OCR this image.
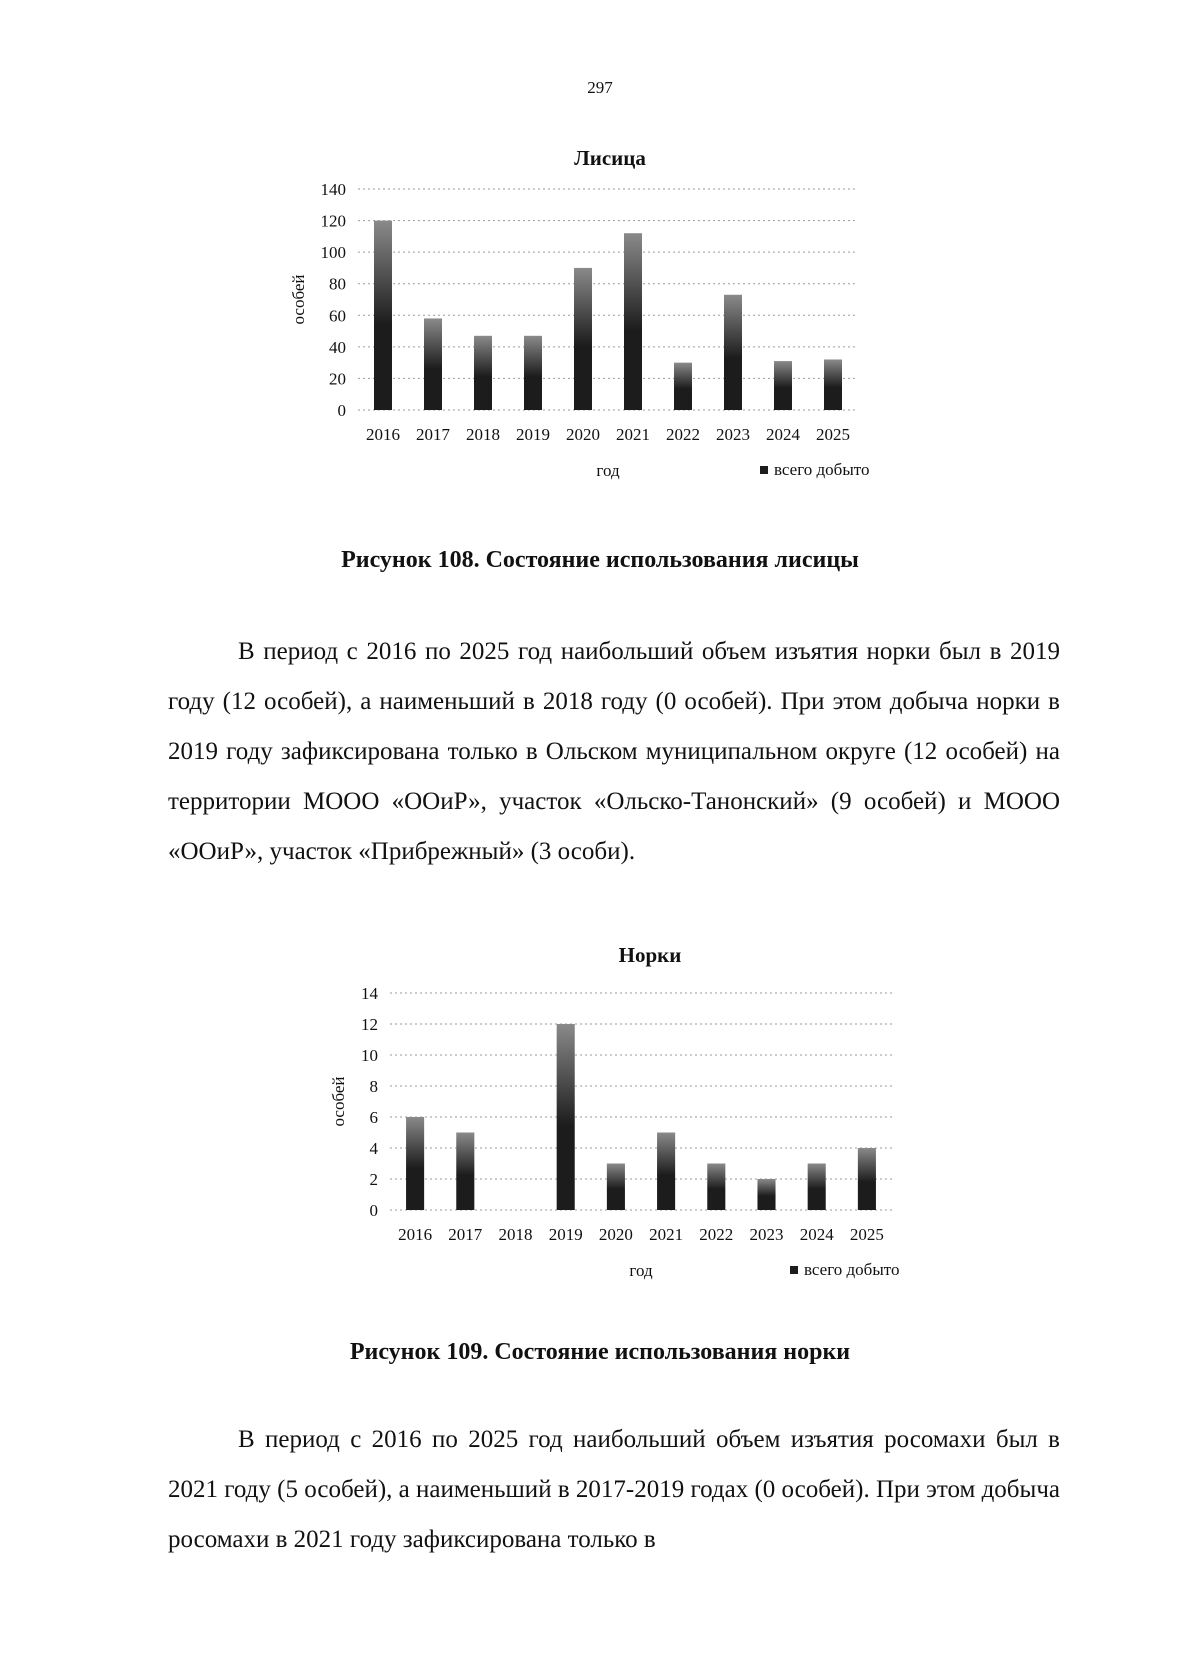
297
Лисица
0
20
40
60
80
100
120
140
2016 2017 2018 2019 2020 2021 2022 2023 2024 2025
особей
год	всего добыто
Рисунок 108. Состояние использования лисицы

В период с 2016 по 2025 год наибольший объем изъятия норки был в 2019 году (12 особей), а наименьший в 2018 году (0 особей). При этом добыча норки в 2019 году зафиксирована только в Ольском муниципальном округе (12 особей) на территории МООО «ООиР», участок «Ольско-Танонский» (9 особей) и МООО «ООиР», участок «Прибрежный» (3 особи).

Норки
0
2
4
6
8
10
12
14
2016 2017 2018 2019 2020 2021 2022 2023 2024 2025
особей
год	всего добыто
Рисунок 109. Состояние использования норки

В период с 2016 по 2025 год наибольший объем изъятия росомахи был в 2021 году (5 особей), а наименьший в 2017-2019 годах (0 особей). При этом добыча росомахи в 2021 году зафиксирована только в
